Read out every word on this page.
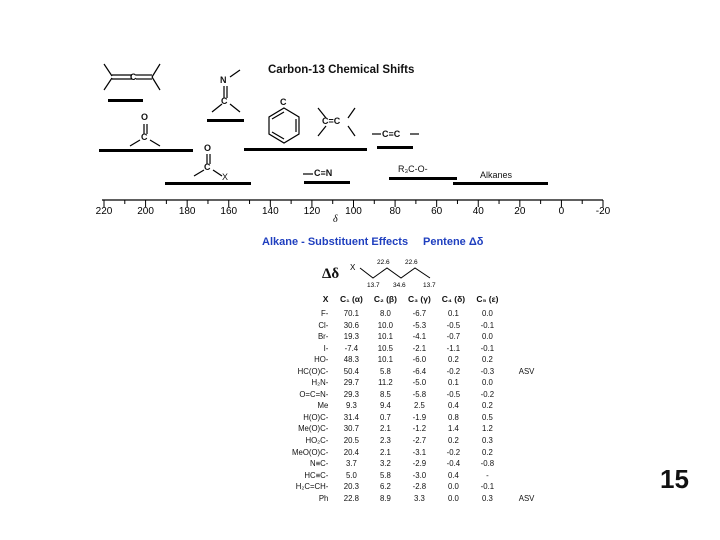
Carbon-13 Chemical Shifts
C
220 200 180 160 140 120 100	80	60	40	20	0	-20
δ
X
22.6 22.6
13.7 34.6	13.7
N
C
O
C
O
C
X
C
C=C
C≡C
C≡N	R₃C-O-
Alkanes
Alkane - Substituent Effects Pentene Δδ
Δδ
X	C₁ (α)	C₂ (β)	C₃ (γ)	C₄ (δ)	C₅ (ε)	
F-	70.1	8.0	-6.7	0.1	0.0	
Cl-	30.6	10.0	-5.3	-0.5	-0.1	
Br-	19.3	10.1	-4.1	-0.7	0.0	
I-	-7.4	10.5	-2.1	-1.1	-0.1	
HO-	48.3	10.1	-6.0	0.2	0.2	
HC(O)C-	50.4	5.8	-6.4	-0.2	-0.3	ASV
H₂N-	29.7	11.2	-5.0	0.1	0.0	
O=C=N-	29.3	8.5	-5.8	-0.5	-0.2	
Me	9.3	9.4	2.5	0.4	0.2	
H(O)C-	31.4	0.7	-1.9	0.8	0.5	
Me(O)C-	30.7	2.1	-1.2	1.4	1.2	
HO₂C-	20.5	2.3	-2.7	0.2	0.3	
MeO(O)C-	20.4	2.1	-3.1	-0.2	0.2	
N≡C-	3.7	3.2	-2.9	-0.4	-0.8	
HC≡C-	5.0	5.8	-3.0	0.4	-	
H₂C=CH-	20.3	6.2	-2.8	0.0	-0.1	
Ph	22.8	8.9	3.3	0.0	0.3	ASV
15
